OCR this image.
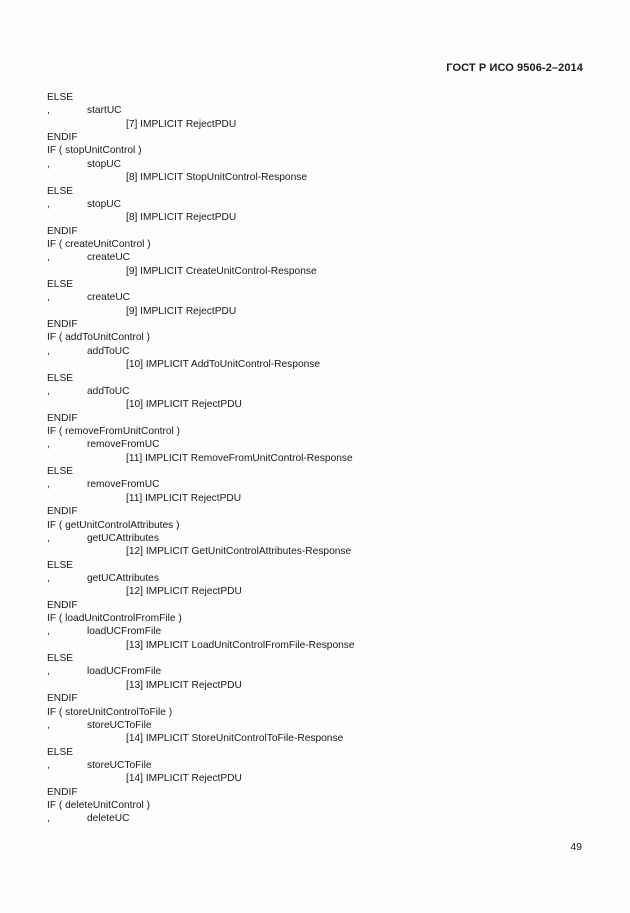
ГОСТ Р ИСО 9506-2–2014
ELSE
,	startUC
[7] IMPLICIT RejectPDU
ENDIF
IF ( stopUnitControl )
,	stopUC
[8] IMPLICIT StopUnitControl-Response
ELSE
,	stopUC
[8] IMPLICIT RejectPDU
ENDIF
IF ( createUnitControl )
,	createUC
[9] IMPLICIT CreateUnitControl-Response
ELSE
,	createUC
[9] IMPLICIT RejectPDU
ENDIF
IF ( addToUnitControl )
,	addToUC
[10] IMPLICIT AddToUnitControl-Response
ELSE
,	addToUC
[10] IMPLICIT RejectPDU
ENDIF
IF ( removeFromUnitControl )
,	removeFromUC
[11] IMPLICIT RemoveFromUnitControl-Response
ELSE
,	removeFromUC
[11] IMPLICIT RejectPDU
ENDIF
IF ( getUnitControlAttributes )
,	getUCAttributes
[12] IMPLICIT GetUnitControlAttributes-Response
ELSE
,	getUCAttributes
[12] IMPLICIT RejectPDU
ENDIF
IF ( loadUnitControlFromFile )
,	loadUCFromFile
[13] IMPLICIT LoadUnitControlFromFile-Response
ELSE
,	loadUCFromFile
[13] IMPLICIT RejectPDU
ENDIF
IF ( storeUnitControlToFile )
,	storeUCToFile
[14] IMPLICIT StoreUnitControlToFile-Response
ELSE
,	storeUCToFile
[14] IMPLICIT RejectPDU
ENDIF
IF ( deleteUnitControl )
,	deleteUC
49
